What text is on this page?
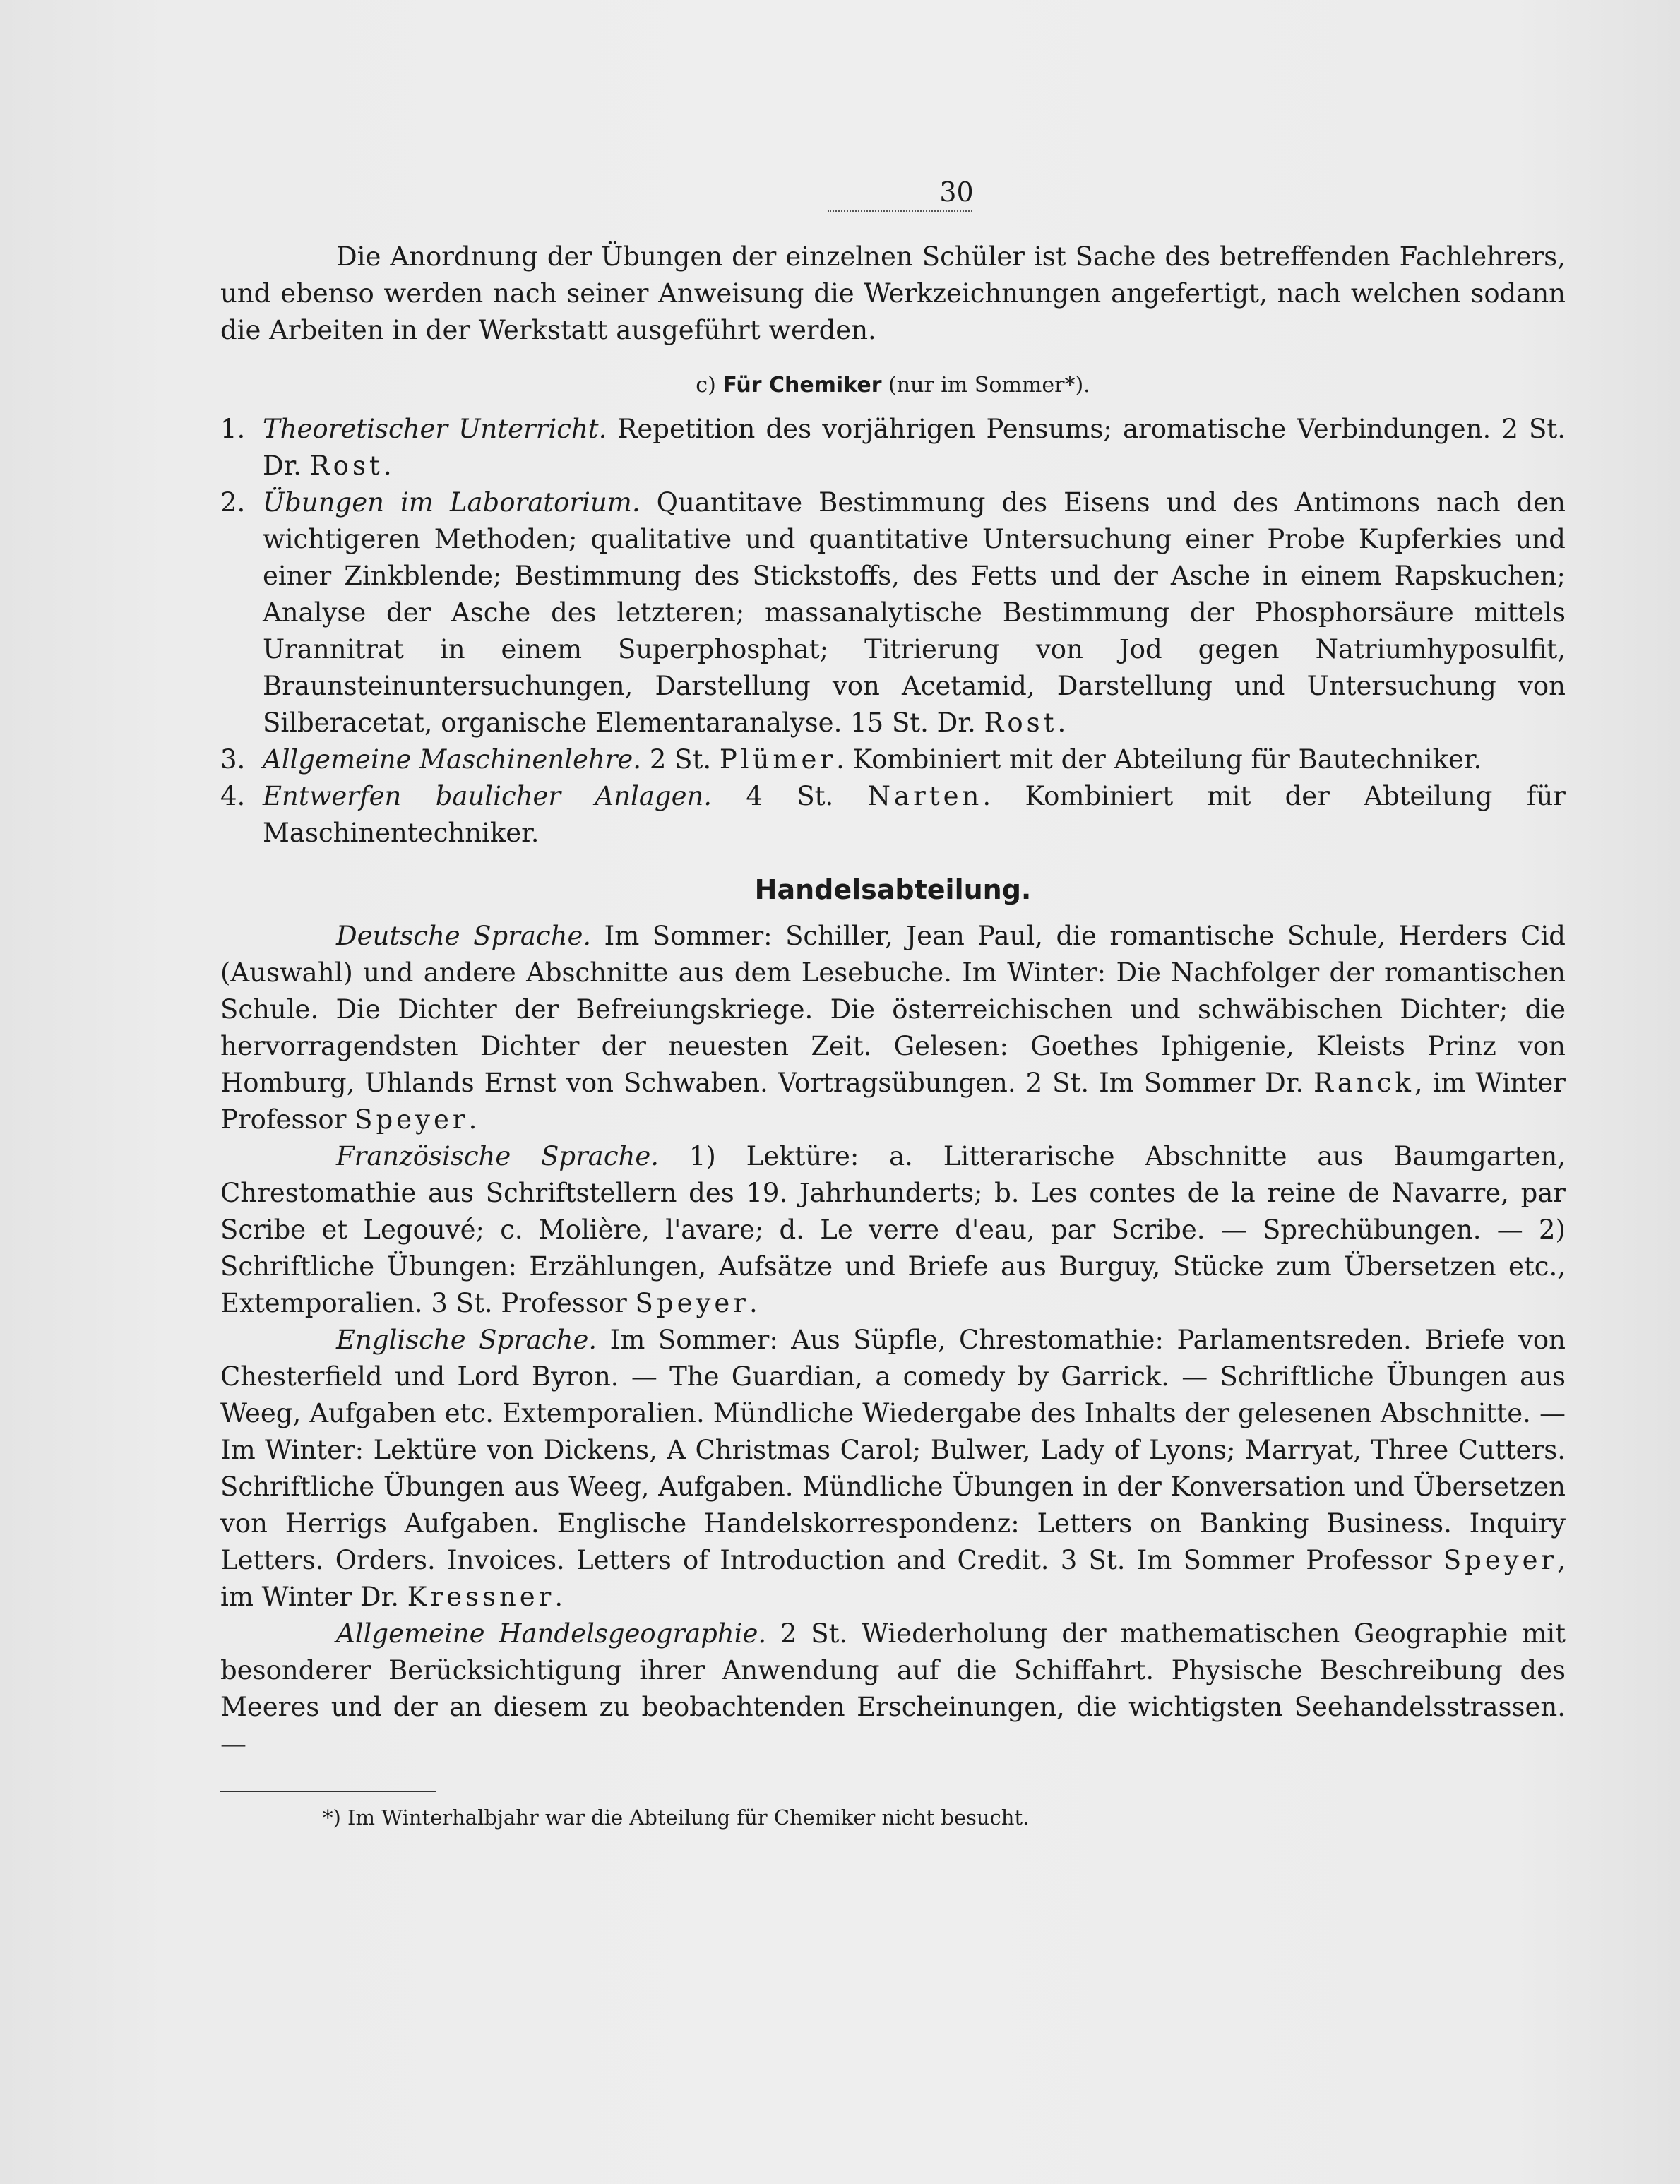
30

Die Anordnung der Übungen der einzelnen Schüler ist Sache des betreffenden Fachlehrers, und ebenso werden nach seiner Anweisung die Werkzeichnungen angefertigt, nach welchen sodann die Arbeiten in der Werkstatt ausgeführt werden.

c) Für Chemiker (nur im Sommer*).
1. Theoretischer Unterricht. Repetition des vorjährigen Pensums; aromatische Verbindungen. 2 St. Dr. Rost.
2. Übungen im Laboratorium. Quantitave Bestimmung des Eisens und des Antimons nach den wichtigeren Methoden; qualitative und quantitative Untersuchung einer Probe Kupferkies und einer Zinkblende; Bestimmung des Stickstoffs, des Fetts und der Asche in einem Rapskuchen; Analyse der Asche des letzteren; massanalytische Bestimmung der Phosphorsäure mittels Urannitrat in einem Superphosphat; Titrierung von Jod gegen Natriumhyposulfit, Braunsteinuntersuchungen, Darstellung von Acetamid, Darstellung und Untersuchung von Silberacetat, organische Elementaranalyse. 15 St. Dr. Rost.
3. Allgemeine Maschinenlehre. 2 St. Plümer. Kombiniert mit der Abteilung für Bautechniker.
4. Entwerfen baulicher Anlagen. 4 St. Narten. Kombiniert mit der Abteilung für Maschinentechniker.
Handelsabteilung.

Deutsche Sprache. Im Sommer: Schiller, Jean Paul, die romantische Schule, Herders Cid (Auswahl) und andere Abschnitte aus dem Lesebuche. Im Winter: Die Nachfolger der romantischen Schule. Die Dichter der Befreiungskriege. Die österreichischen und schwäbischen Dichter; die hervorragendsten Dichter der neuesten Zeit. Gelesen: Goethes Iphigenie, Kleists Prinz von Homburg, Uhlands Ernst von Schwaben. Vortragsübungen. 2 St. Im Sommer Dr. Ranck, im Winter Professor Speyer.

Französische Sprache. 1) Lektüre: a. Litterarische Abschnitte aus Baumgarten, Chrestomathie aus Schriftstellern des 19. Jahrhunderts; b. Les contes de la reine de Navarre, par Scribe et Legouvé; c. Molière, l'avare; d. Le verre d'eau, par Scribe. — Sprechübungen. — 2) Schriftliche Übungen: Erzählungen, Aufsätze und Briefe aus Burguy, Stücke zum Übersetzen etc., Extemporalien. 3 St. Professor Speyer.

Englische Sprache. Im Sommer: Aus Süpfle, Chrestomathie: Parlamentsreden. Briefe von Chesterfield und Lord Byron. — The Guardian, a comedy by Garrick. — Schriftliche Übungen aus Weeg, Aufgaben etc. Extemporalien. Mündliche Wiedergabe des Inhalts der gelesenen Abschnitte. — Im Winter: Lektüre von Dickens, A Christmas Carol; Bulwer, Lady of Lyons; Marryat, Three Cutters. Schriftliche Übungen aus Weeg, Aufgaben. Mündliche Übungen in der Konversation und Übersetzen von Herrigs Aufgaben. Englische Handelskorrespondenz: Letters on Banking Business. Inquiry Letters. Orders. Invoices. Letters of Introduction and Credit. 3 St. Im Sommer Professor Speyer, im Winter Dr. Kressner.

Allgemeine Handelsgeographie. 2 St. Wiederholung der mathematischen Geographie mit besonderer Berücksichtigung ihrer Anwendung auf die Schiffahrt. Physische Beschreibung des Meeres und der an diesem zu beobachtenden Erscheinungen, die wichtigsten Seehandelsstrassen. —

*) Im Winterhalbjahr war die Abteilung für Chemiker nicht besucht.
